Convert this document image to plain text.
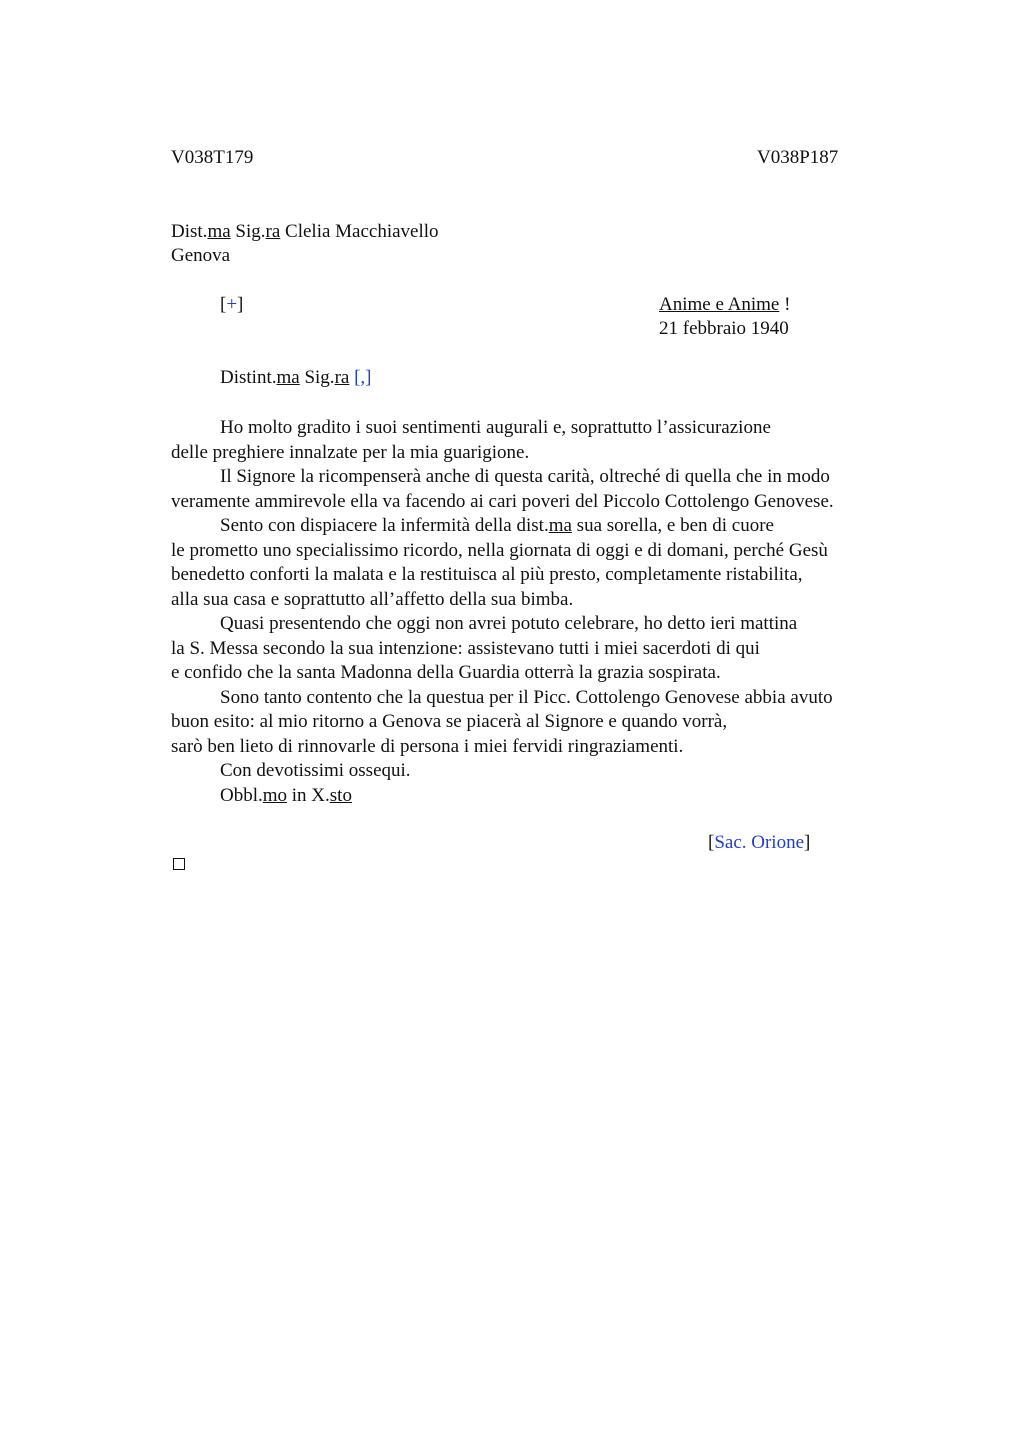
V038T179	V038P187
Dist.ma Sig.ra Clelia Macchiavello
Genova
[+]	Anime e Anime !
21 febbraio 1940
Distint.ma Sig.ra [,]
Ho molto gradito i suoi sentimenti augurali e, soprattutto l’assicurazione
delle preghiere innalzate per la mia guarigione.
Il Signore la ricompenserà anche di questa carità, oltreché di quella che in modo
veramente ammirevole ella va facendo ai cari poveri del Piccolo Cottolengo Genovese.
Sento con dispiacere la infermità della dist.ma sua sorella, e ben di cuore
le prometto uno specialissimo ricordo, nella giornata di oggi e di domani, perché Gesù
benedetto conforti la malata e la restituisca al più presto, completamente ristabilita,
alla sua casa e soprattutto all’affetto della sua bimba.
Quasi presentendo che oggi non avrei potuto celebrare, ho detto ieri mattina
la S. Messa secondo la sua intenzione: assistevano tutti i miei sacerdoti di qui
e confido che la santa Madonna della Guardia otterrà la grazia sospirata.
Sono tanto contento che la questua per il Picc. Cottolengo Genovese abbia avuto
buon esito: al mio ritorno a Genova se piacerà al Signore e quando vorrà,
sarò ben lieto di rinnovarle di persona i miei fervidi ringraziamenti.
Con devotissimi ossequi.
Obbl.mo in X.sto
[Sac. Orione]
